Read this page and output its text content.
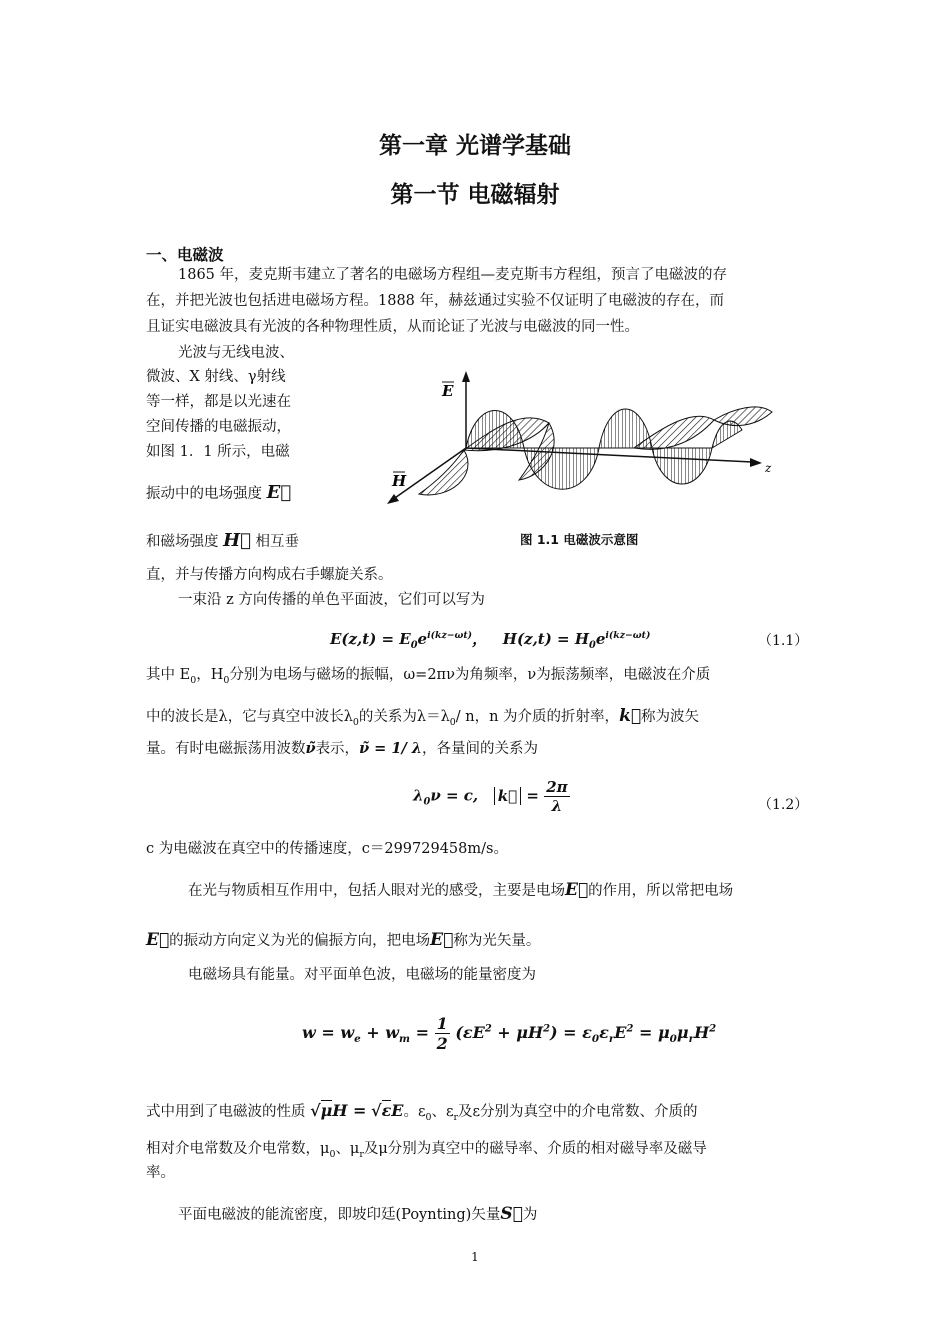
第一章 光谱学基础
第一节 电磁辐射
一、电磁波
1865 年，麦克斯韦建立了著名的电磁场方程组—麦克斯韦方程组，预言了电磁波的存
在，并把光波也包括进电磁场方程。1888 年，赫兹通过实验不仅证明了电磁波的存在，而
且证实电磁波具有光波的各种物理性质，从而论证了光波与电磁波的同一性。
光波与无线电波、
微波、X 射线、γ射线
等一样，都是以光速在
空间传播的电磁振动，
如图 1．1 所示，电磁
振动中的电场强度 E⃗
和磁场强度 H⃗ 相互垂
直，并与传播方向构成右手螺旋关系。
E
H
z
图 1.1 电磁波示意图
一束沿 z 方向传播的单色平面波，它们可以写为
$E(z,t) = E_0e^{i(kz-\omega t)}$， $H(z,t) = H_0e^{i(kz-\omega t)}$	（1.1）
其中 $E_0$，$H_0$分别为电场与磁场的振幅，ω=2πν为角频率，ν为振荡频率，电磁波在介质
中的波长是λ，它与真空中波长$\lambda_0$的关系为$\lambda=\lambda_0/$ n，n 为介质的折射率，k称为波矢
量。有时电磁振荡用波数ν̃表示，ν̃ = 1/ λ，各量间的关系为
$\lambda_0\nu = c$, $k = \frac{2\pi}{\lambda}$	（1.2）
c 为电磁波在真空中的传播速度，c＝299729458m/s。
在光与物质相互作用中，包括人眼对光的感受，主要是电场E的作用，所以常把电场
E的振动方向定义为光的偏振方向，把电场E称为光矢量。
电磁场具有能量。对平面单色波，电磁场的能量密度为
$w = w_e + w_m = \frac{1}{2} (\varepsilon E^2 + \mu H^2) = \varepsilon_0\varepsilon_rE^2 = \mu_0\mu_rH^2$
式中用到了电磁波的性质 √μH = √εE。$\varepsilon_0$、$\varepsilon_r$及ε分别为真空中的介电常数、介质的
相对介电常数及介电常数，$\mu_0$、$\mu_r$及μ分别为真空中的磁导率、介质的相对磁导率及磁导
率。
平面电磁波的能流密度，即坡印廷(Poynting)矢量S为
1
